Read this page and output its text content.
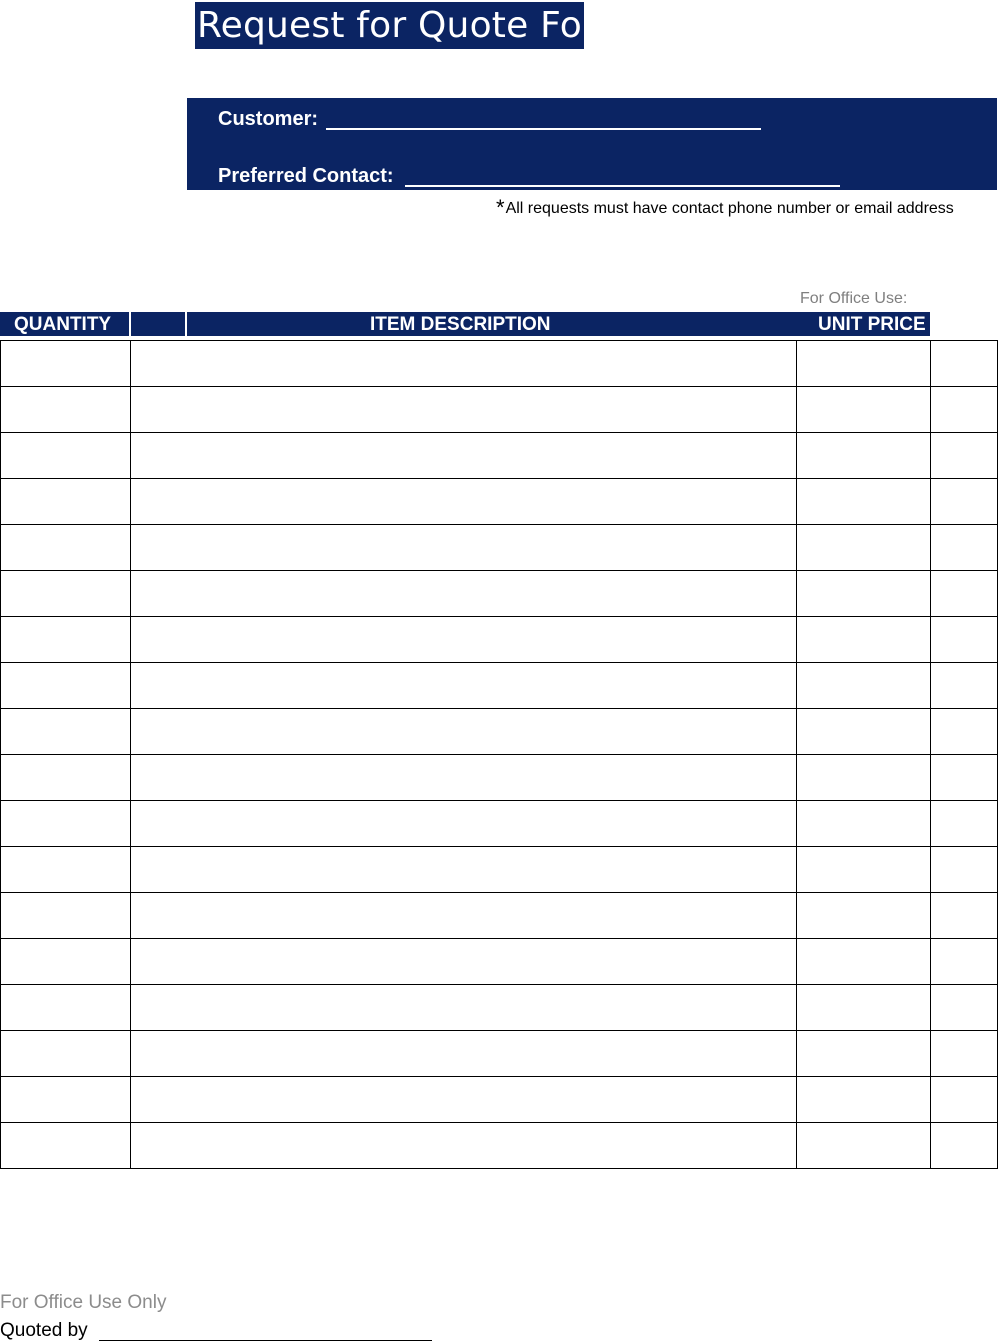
Request for Quote Form
Customer:
Preferred Contact:
*All requests must have contact phone number or email address
For Office Use:
QUANTITY	ITEM DESCRIPTION	UNIT PRICE

For Office Use Only
Quoted by
